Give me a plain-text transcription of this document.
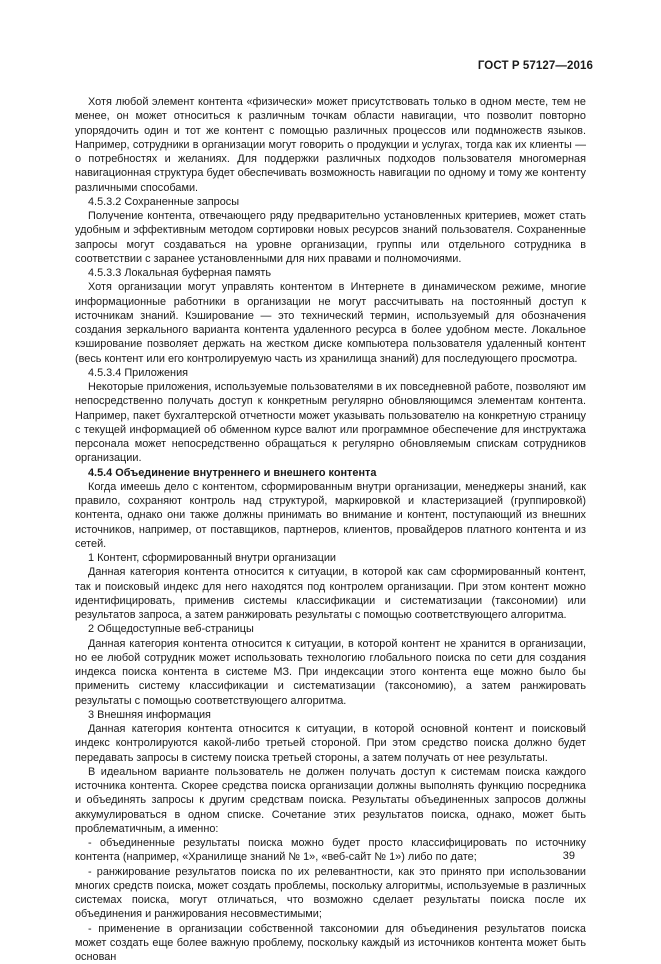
ГОСТ Р 57127—2016

Хотя любой элемент контента «физически» может присутствовать только в одном месте, тем не менее, он может относиться к различным точкам области навигации, что позволит повторно упорядочить один и тот же контент с помощью различных процессов или подмножеств языков. Например, сотрудники в организации могут говорить о продукции и услугах, тогда как их клиенты — о потребностях и желаниях. Для поддержки различных подходов пользователя многомерная навигационная структура будет обеспечивать возможность навигации по одному и тому же контенту различными способами.

4.5.3.2 Сохраненные запросы

Получение контента, отвечающего ряду предварительно установленных критериев, может стать удобным и эффективным методом сортировки новых ресурсов знаний пользователя. Сохраненные запросы могут создаваться на уровне организации, группы или отдельного сотрудника в соответствии с заранее установленными для них правами и полномочиями.

4.5.3.3 Локальная буферная память

Хотя организации могут управлять контентом в Интернете в динамическом режиме, многие информационные работники в организации не могут рассчитывать на постоянный доступ к источникам знаний. Кэширование — это технический термин, используемый для обозначения создания зеркального варианта контента удаленного ресурса в более удобном месте. Локальное кэширование позволяет держать на жестком диске компьютера пользователя удаленный контент (весь контент или его контролируемую часть из хранилища знаний) для последующего просмотра.

4.5.3.4 Приложения

Некоторые приложения, используемые пользователями в их повседневной работе, позволяют им непосредственно получать доступ к конкретным регулярно обновляющимся элементам контента. Например, пакет бухгалтерской отчетности может указывать пользователю на конкретную страницу с текущей информацией об обменном курсе валют или программное обеспечение для инструктажа персонала может непосредственно обращаться к регулярно обновляемым спискам сотрудников организации.

4.5.4 Объединение внутреннего и внешнего контента

Когда имеешь дело с контентом, сформированным внутри организации, менеджеры знаний, как правило, сохраняют контроль над структурой, маркировкой и кластеризацией (группировкой) контента, однако они также должны принимать во внимание и контент, поступающий из внешних источников, например, от поставщиков, партнеров, клиентов, провайдеров платного контента и из сетей.

1 Контент, сформированный внутри организации

Данная категория контента относится к ситуации, в которой как сам сформированный контент, так и поисковый индекс для него находятся под контролем организации. При этом контент можно идентифицировать, применив системы классификации и систематизации (таксономии) или результатов запроса, а затем ранжировать результаты с помощью соответствующего алгоритма.

2 Общедоступные веб-страницы

Данная категория контента относится к ситуации, в которой контент не хранится в организации, но ее любой сотрудник может использовать технологию глобального поиска по сети для создания индекса поиска контента в системе МЗ. При индексации этого контента еще можно было бы применить систему классификации и систематизации (таксономию), а затем ранжировать результаты с помощью соответствующего алгоритма.

3 Внешняя информация

Данная категория контента относится к ситуации, в которой основной контент и поисковый индекс контролируются какой-либо третьей стороной. При этом средство поиска должно будет передавать запросы в систему поиска третьей стороны, а затем получать от нее результаты.

В идеальном варианте пользователь не должен получать доступ к системам поиска каждого источника контента. Скорее средства поиска организации должны выполнять функцию посредника и объединять запросы к другим средствам поиска. Результаты объединенных запросов должны аккумулироваться в одном списке. Сочетание этих результатов поиска, однако, может быть проблематичным, а именно:

- объединенные результаты поиска можно будет просто классифицировать по источнику контента (например, «Хранилище знаний № 1», «веб-сайт № 1») либо по дате;

- ранжирование результатов поиска по их релевантности, как это принято при использовании многих средств поиска, может создать проблемы, поскольку алгоритмы, используемые в различных системах поиска, могут отличаться, что возможно сделает результаты поиска после их объединения и ранжирования несовместимыми;

- применение в организации собственной таксономии для объединения результатов поиска может создать еще более важную проблему, поскольку каждый из источников контента может быть основан

39
